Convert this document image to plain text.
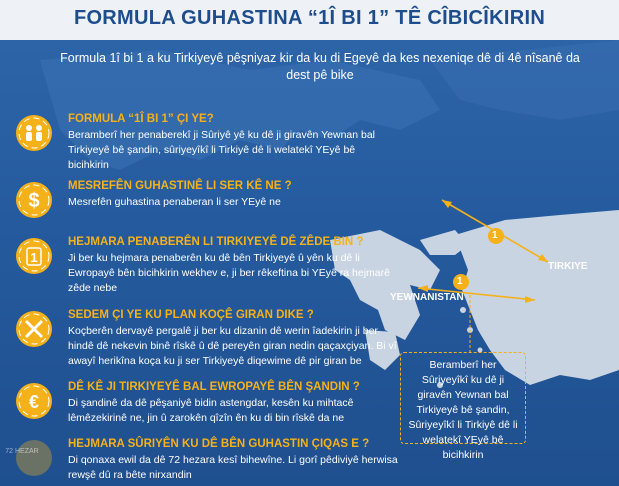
1
1
TIRKIYE
YEWNANISTAN
Beramberî her Sûriyeyîkî ku dê ji giravên Yewnan bal Tirkiyeyê bê şandin, Sûriyeyîkî li Tirkiyê dê li welatekî YEyê bê bicihkirin
FORMULA GUHASTINA “1Î BI 1” TÊ CÎBICÎKIRIN
Formula 1î bi 1 a ku Tirkiyeyê pêşniyaz kir da ku di Egeyê da kes nexeniqe dê di 4ê nîsanê da dest pê bike
FORMULA “1Î BI 1” ÇI YE?
Beramberî her penaberekî ji Sûriyê yê ku dê ji giravên Yewnan bal Tirkiyeyê bê şandin, sûriyeyîkî li Tirkiyê dê li welatekî YEyê bê bicihkirin
$
MESREFÊN GUHASTINÊ LI SER KÊ NE ?
Mesrefên guhastina penaberan li ser YEyê ne
1
HEJMARA PENABERÊN LI TIRKIYEYÊ DÊ ZÊDE BIN ?
Ji ber ku hejmara penaberên ku dê bên Tirkiyeyê û yên ku dê li Ewropayê bên bicihkirin wekhev e, ji ber rêkeftina bi YEyê ra hejmarê zêde nebe
SEDEM ÇI YE KU PLAN KOÇÊ GIRAN DIKE ?
Koçberên dervayê pergalê ji ber ku dizanin dê werin îadekirin ji ber hindê dê nekevin binê rîskê û dê pereyên giran nedin qaçaxçiyan. Bi vî awayî herikîna koça ku ji ser Tirkiyeyê diqewime dê pir giran be
€
DÊ KÊ JI TIRKIYEYÊ BAL EWROPAYÊ BÊN ŞANDIN ?
Di şandinê da dê pêşaniyê bidin astengdar, kesên ku mihtacê lêmêzekirinê ne, jin û zarokên qîzîn ên ku di bin rîskê da ne
HEJMARA SÛRIYÊN KU DÊ BÊN GUHASTIN ÇIQAS E ?
Di qonaxa ewil da dê 72 hezara kesî bihewîne. Li gorî pêdiviyê herwisa rewşê dû ra bête nirxandin
72 HEZAR
